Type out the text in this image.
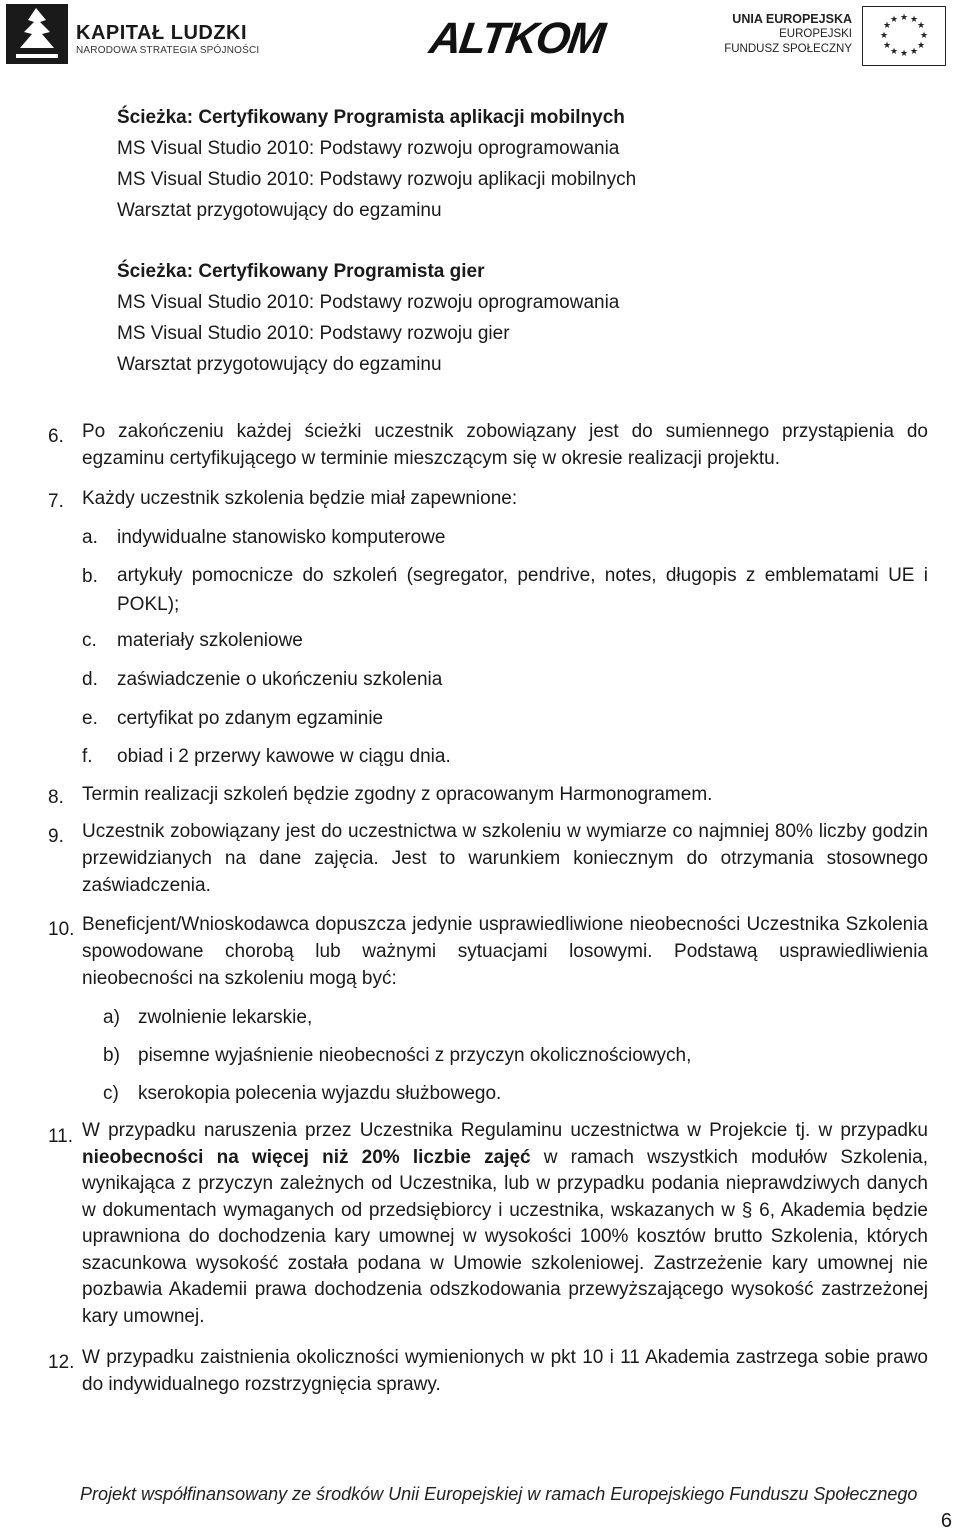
KAPITAŁ LUDZKI
NARODOWA STRATEGIA SPÓJNOŚCI	ALTKOM	UNIA EUROPEJSKA
EUROPEJSKI
FUNDUSZ SPOŁECZNY
★ ★
★
★
★
★
★
★
★
★
★
★
Ścieżka: Certyfikowany Programista aplikacji mobilnych
MS Visual Studio 2010: Podstawy rozwoju oprogramowania
MS Visual Studio 2010: Podstawy rozwoju aplikacji mobilnych
Warsztat przygotowujący do egzaminu
Ścieżka: Certyfikowany Programista gier
MS Visual Studio 2010: Podstawy rozwoju oprogramowania
MS Visual Studio 2010: Podstawy rozwoju gier
Warsztat przygotowujący do egzaminu
6. Po zakończeniu każdej ścieżki uczestnik zobowiązany jest do sumiennego przystąpienia do egzaminu certyfikującego w terminie mieszczącym się w okresie realizacji projektu.
7. Każdy uczestnik szkolenia będzie miał zapewnione:
a. indywidualne stanowisko komputerowe
b. artykuły pomocnicze do szkoleń (segregator, pendrive, notes, długopis z emblematami UE i POKL);
c. materiały szkoleniowe
d. zaświadczenie o ukończeniu szkolenia
e. certyfikat po zdanym egzaminie
f. obiad i 2 przerwy kawowe w ciągu dnia.
8. Termin realizacji szkoleń będzie zgodny z opracowanym Harmonogramem.
9. Uczestnik zobowiązany jest do uczestnictwa w szkoleniu w wymiarze co najmniej 80% liczby godzin przewidzianych na dane zajęcia. Jest to warunkiem koniecznym do otrzymania stosownego zaświadczenia.
10. Beneficjent/Wnioskodawca dopuszcza jedynie usprawiedliwione nieobecności Uczestnika Szkolenia spowodowane chorobą lub ważnymi sytuacjami losowymi. Podstawą usprawiedliwienia nieobecności na szkoleniu mogą być:
a) zwolnienie lekarskie,
b) pisemne wyjaśnienie nieobecności z przyczyn okolicznościowych,
c) kserokopia polecenia wyjazdu służbowego.
11. W przypadku naruszenia przez Uczestnika Regulaminu uczestnictwa w Projekcie tj. w przypadku nieobecności na więcej niż 20% liczbie zajęć w ramach wszystkich modułów Szkolenia, wynikająca z przyczyn zależnych od Uczestnika, lub w przypadku podania nieprawdziwych danych w dokumentach wymaganych od przedsiębiorcy i uczestnika, wskazanych w § 6, Akademia będzie uprawniona do dochodzenia kary umownej w wysokości 100% kosztów brutto Szkolenia, których szacunkowa wysokość została podana w Umowie szkoleniowej. Zastrzeżenie kary umownej nie pozbawia Akademii prawa dochodzenia odszkodowania przewyższającego wysokość zastrzeżonej kary umownej.
12. W przypadku zaistnienia okoliczności wymienionych w pkt 10 i 11 Akademia zastrzega sobie prawo do indywidualnego rozstrzygnięcia sprawy.
Projekt współfinansowany ze środków Unii Europejskiej w ramach Europejskiego Funduszu Społecznego
6
